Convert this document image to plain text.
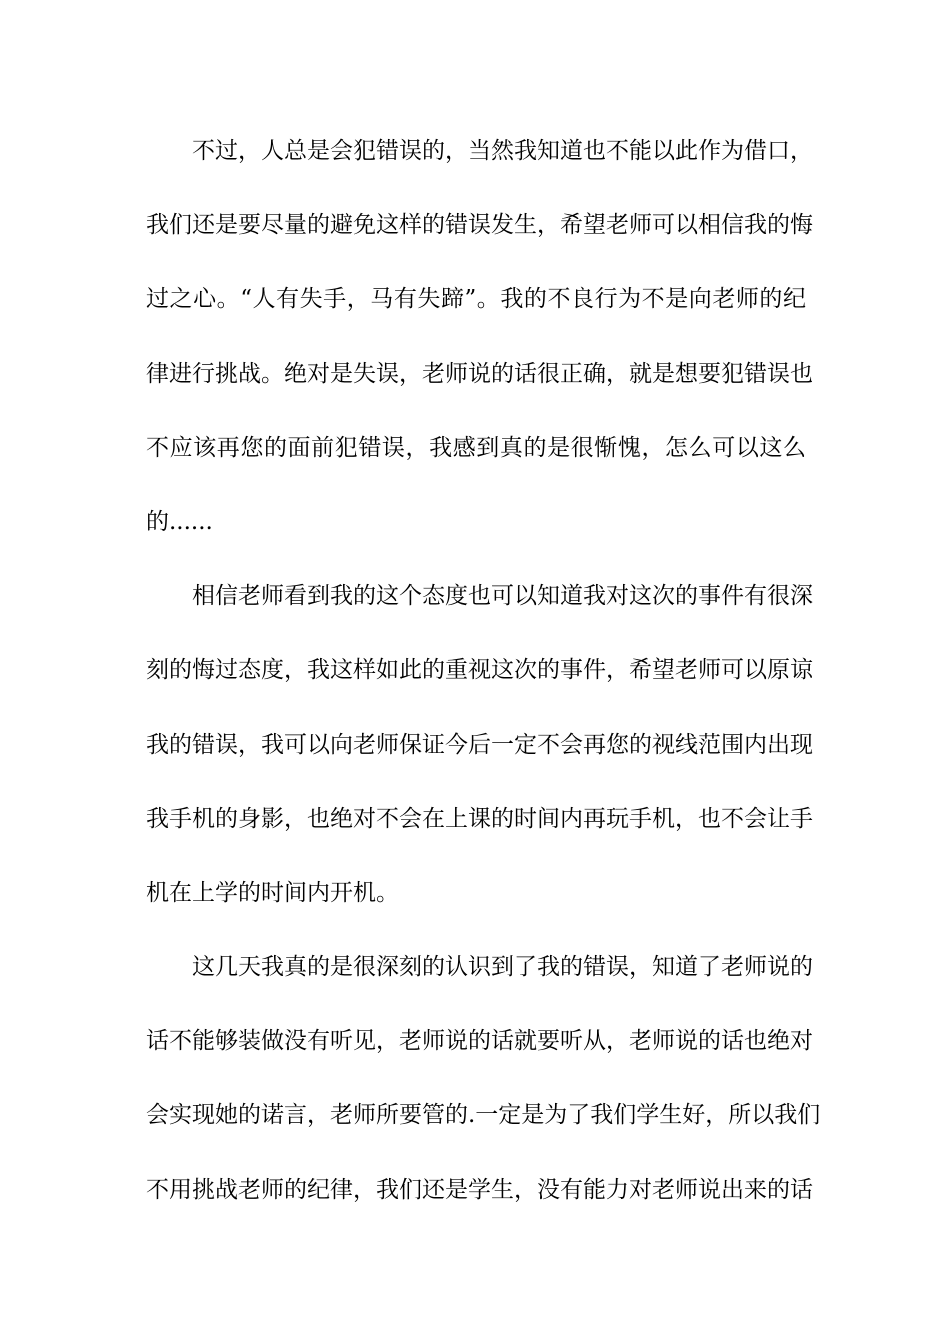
不过，人总是会犯错误的，当然我知道也不能以此作为借口，
我们还是要尽量的避免这样的错误发生，希望老师可以相信我的悔
过之心。“人有失手，马有失蹄”。我的不良行为不是向老师的纪
律进行挑战。绝对是失误，老师说的话很正确，就是想要犯错误也
不应该再您的面前犯错误，我感到真的是很惭愧，怎么可以这么
的......
相信老师看到我的这个态度也可以知道我对这次的事件有很深
刻的悔过态度，我这样如此的重视这次的事件，希望老师可以原谅
我的错误，我可以向老师保证今后一定不会再您的视线范围内出现
我手机的身影，也绝对不会在上课的时间内再玩手机，也不会让手
机在上学的时间内开机。
这几天我真的是很深刻的认识到了我的错误，知道了老师说的
话不能够装做没有听见，老师说的话就要听从，老师说的话也绝对
会实现她的诺言，老师所要管的.一定是为了我们学生好，所以我们
不用挑战老师的纪律，我们还是学生，没有能力对老师说出来的话
